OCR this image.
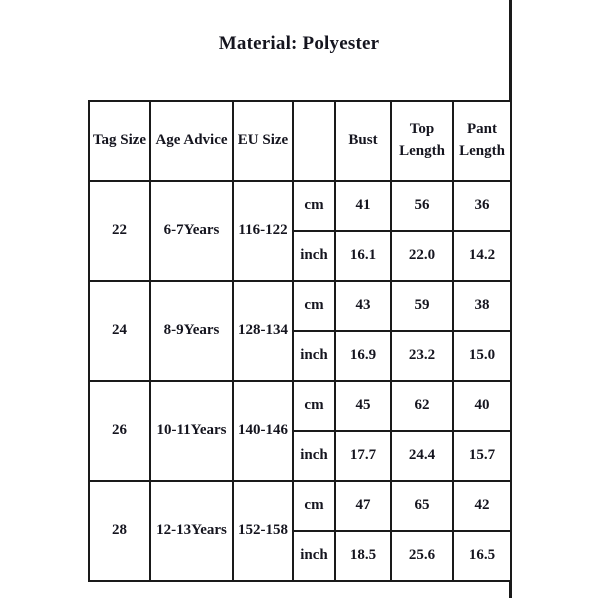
Material: Polyester
Tag Size	Age Advice	EU Size		Bust	Top Length	Pant Length
22	6-7Years	116-122	cm	41	56	36
			inch	16.1	22.0	14.2
24	8-9Years	128-134	cm	43	59	38
			inch	16.9	23.2	15.0
26	10-11Years	140-146	cm	45	62	40
			inch	17.7	24.4	15.7
28	12-13Years	152-158	cm	47	65	42
			inch	18.5	25.6	16.5
